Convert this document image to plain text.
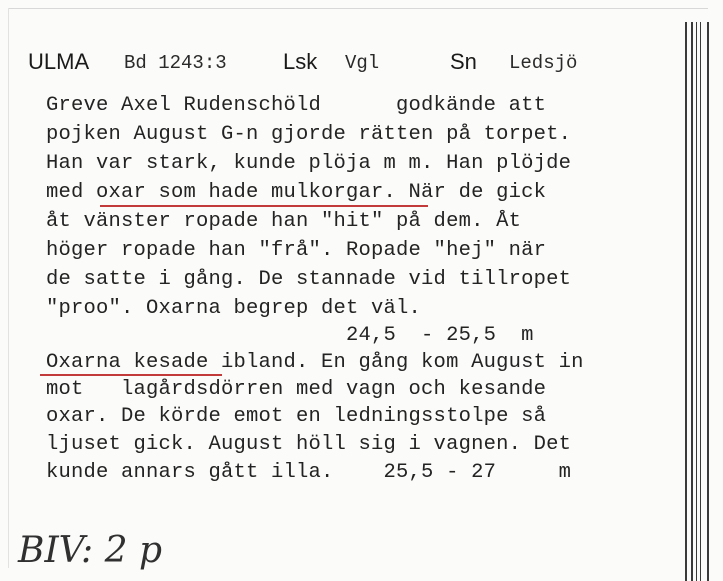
ULMA Bd 1243:3	Lsk Vgl	Sn Ledsjö
Greve Axel Rudenschöld      godkände att
pojken August G-n gjorde rätten på torpet.
Han var stark, kunde plöja m m. Han plöjde
med oxar som hade mulkorgar. När de gick
åt vänster ropade han "hit" på dem. Åt
höger ropade han "frå". Ropade "hej" när
de satte i gång. De stannade vid tillropet
"proo". Oxarna begrep det väl.
24,5  - 25,5  m
Oxarna kesade ibland. En gång kom August in
mot   lagårdsdörren med vagn och kesande
oxar. De körde emot en ledningsstolpe så
ljuset gick. August höll sig i vagnen. Det
kunde annars gått illa.    25,5 - 27     m
BIV: 2 p
